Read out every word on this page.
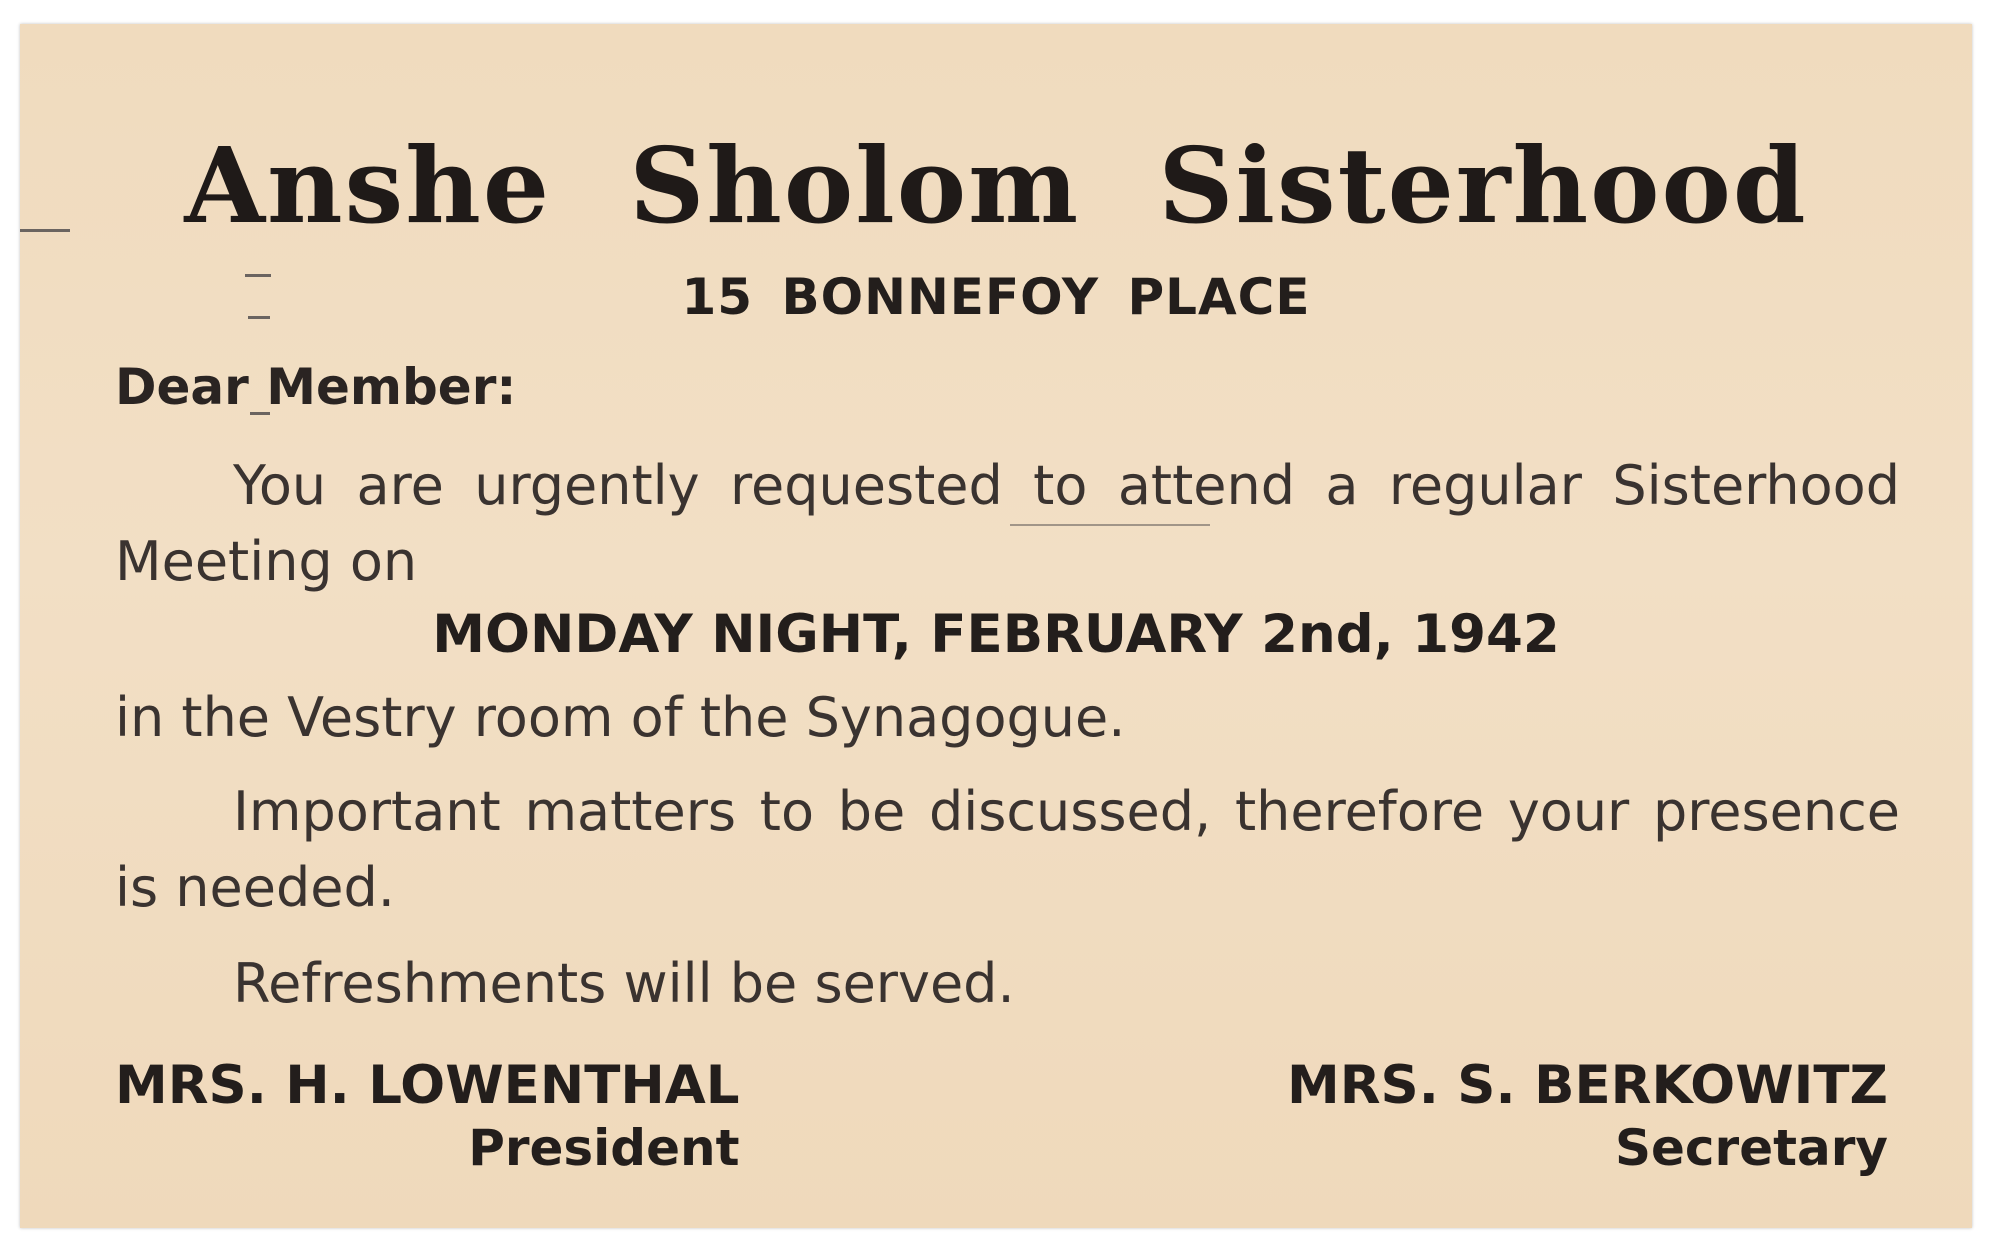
Anshe Sholom Sisterhood
15 BONNEFOY PLACE
Dear Member:
You are urgently requested to attend a regular Sisterhood Meeting on
MONDAY NIGHT, FEBRUARY 2nd, 1942
in the Vestry room of the Synagogue.
Important matters to be discussed, therefore your presence is needed.
Refreshments will be served.
MRS. H. LOWENTHAL
President
MRS. S. BERKOWITZ
Secretary
